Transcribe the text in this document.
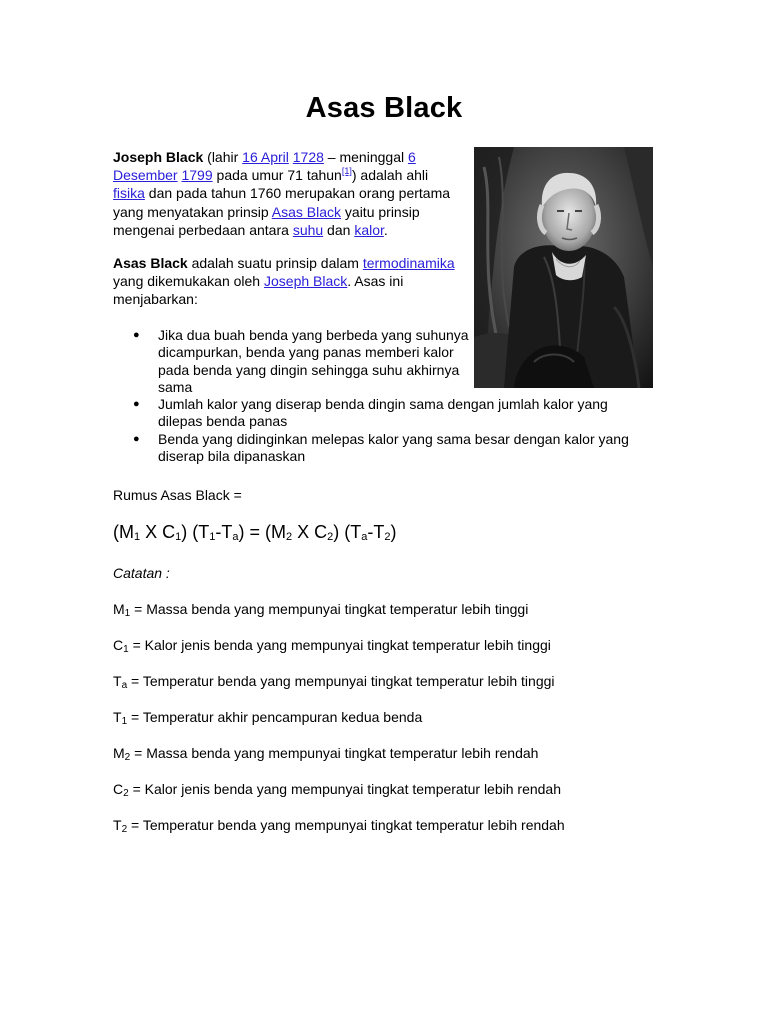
Asas Black

Joseph Black (lahir 16 April 1728 – meninggal 6 Desember 1799 pada umur 71 tahun[1]) adalah ahli fisika dan pada tahun 1760 merupakan orang pertama yang menyatakan prinsip Asas Black yaitu prinsip mengenai perbedaan antara suhu dan kalor.

Asas Black adalah suatu prinsip dalam termodinamika yang dikemukakan oleh Joseph Black. Asas ini menjabarkan:

● Jika dua buah benda yang berbeda yang suhunya dicampurkan, benda yang panas memberi kalor pada benda yang dingin sehingga suhu akhirnya sama
● Jumlah kalor yang diserap benda dingin sama dengan jumlah kalor yang dilepas benda panas
● Benda yang didinginkan melepas kalor yang sama besar dengan kalor yang diserap bila dipanaskan

Rumus Asas Black =

($M_1$ X $C_1$) $(T_1-T_a) = (M_2$ X $C_2$) $(T_a-T_2)$

Catatan :

$M_1$ = Massa benda yang mempunyai tingkat temperatur lebih tinggi

$C_1$ = Kalor jenis benda yang mempunyai tingkat temperatur lebih tinggi

$T_a$ = Temperatur benda yang mempunyai tingkat temperatur lebih tinggi

$T_1$ = Temperatur akhir pencampuran kedua benda

$M_2$ = Massa benda yang mempunyai tingkat temperatur lebih rendah

$C_2$ = Kalor jenis benda yang mempunyai tingkat temperatur lebih rendah

$T_2$ = Temperatur benda yang mempunyai tingkat temperatur lebih rendah
